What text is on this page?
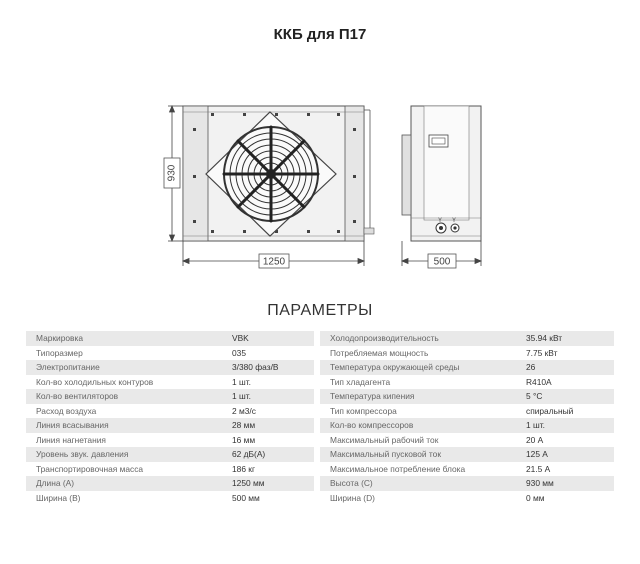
ККБ для П17
Y Y
930
1250	500
ПАРАМЕТРЫ
Маркировка	VBK
Типоразмер	035
Электропитание	3/380 фаз/В
Кол-во холодильных контуров	1 шт.
Кол-во вентиляторов	1 шт.
Расход воздуха	2 м3/с
Линия всасывания	28 мм
Линия нагнетания	16 мм
Уровень звук. давления	62 дБ(А)
Транспортировочная масса	186 кг
Длина (А)	1250 мм
Ширина (В)	500 мм
Холодопроизводительность	35.94 кВт
Потребляемая мощность	7.75 кВт
Температура окружающей среды	26
Тип хладагента	R410A
Температура кипения	5 °C
Тип компрессора	спиральный
Кол-во компрессоров	1 шт.
Максимальный рабочий ток	20 А
Максимальный пусковой ток	125 А
Максимальное потребление блока	21.5 А
Высота (С)	930 мм
Ширина (D)	0 мм
